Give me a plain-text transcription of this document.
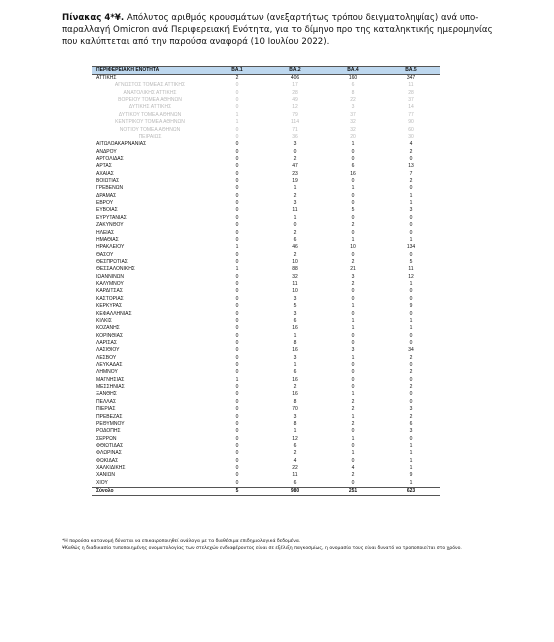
Πίνακας 4*¥. Απόλυτος αριθμός κρουσμάτων (ανεξαρτήτως τρόπου δειγματοληψίας) ανά υπο-παραλλαγή Omicron ανά Περιφερειακή Ενότητα, για το δίμηνο προ της καταληκτικής ημερομηνίας που καλύπτεται από την παρούσα αναφορά (10 Ιουλίου 2022).
ΠΕΡΙΦΕΡΕΙΑΚΗ ΕΝΟΤΗΤΑ	ΒΑ.1	ΒΑ.2	ΒΑ.4	ΒΑ.5
ΑΤΤΙΚΗΣ	2	406	160	347
ΑΓΝΩΣΤΟΣ ΤΟΜΕΑΣ ΑΤΤΙΚΗΣ	0	17	6	11
ΑΝΑΤΟΛΙΚΗΣ ΑΤΤΙΚΗΣ	0	28	8	28
ΒΟΡΕΙΟΥ ΤΟΜΕΑ ΑΘΗΝΩΝ	0	49	22	37
ΔΥΤΙΚΗΣ ΑΤΤΙΚΗΣ	0	12	3	14
ΔΥΤΙΚΟΥ ΤΟΜΕΑ ΑΘΗΝΩΝ	1	79	37	77
ΚΕΝΤΡΙΚΟΥ ΤΟΜΕΑ ΑΘΗΝΩΝ	1	114	32	90
ΝΟΤΙΟΥ ΤΟΜΕΑ ΑΘΗΝΩΝ	0	71	32	60
ΠΕΙΡΑΙΩΣ	0	36	20	30
ΑΙΤΩΛΟΑΚΑΡΝΑΝΙΑΣ	0	3	1	4
ΑΝΔΡΟΥ	0	0	0	2
ΑΡΓΟΛΙΔΑΣ	0	2	0	0
ΑΡΤΑΣ	0	47	6	13
ΑΧΑΪΑΣ	0	23	16	7
ΒΟΙΩΤΙΑΣ	0	19	0	2
ΓΡΕΒΕΝΩΝ	0	1	1	0
ΔΡΑΜΑΣ	0	2	0	1
ΕΒΡΟΥ	0	3	0	1
ΕΥΒΟΙΑΣ	0	11	5	3
ΕΥΡΥΤΑΝΙΑΣ	0	1	0	0
ΖΑΚΥΝΘΟΥ	0	0	2	0
ΗΛΕΙΑΣ	0	2	0	0
ΗΜΑΘΙΑΣ	0	6	1	1
ΗΡΑΚΛΕΙΟΥ	1	46	10	134
ΘΑΣΟΥ	0	2	0	0
ΘΕΣΠΡΩΤΙΑΣ	0	10	2	5
ΘΕΣΣΑΛΟΝΙΚΗΣ	1	88	21	11
ΙΩΑΝΝΙΝΩΝ	0	32	3	12
ΚΑΛΥΜΝΟΥ	0	11	2	1
ΚΑΡΔΙΤΣΑΣ	0	10	0	0
ΚΑΣΤΟΡΙΑΣ	0	3	0	0
ΚΕΡΚΥΡΑΣ	0	5	1	9
ΚΕΦΑΛΛΗΝΙΑΣ	0	3	0	0
ΚΙΛΚΙΣ	0	6	1	1
ΚΟΖΑΝΗΣ	0	16	1	1
ΚΟΡΙΝΘΙΑΣ	0	1	0	0
ΛΑΡΙΣΑΣ	0	8	0	0
ΛΑΣΙΘΙΟΥ	0	16	3	34
ΛΕΣΒΟΥ	0	3	1	2
ΛΕΥΚΑΔΑΣ	0	1	0	0
ΛΗΜΝΟΥ	0	6	0	2
ΜΑΓΝΗΣΙΑΣ	1	16	0	0
ΜΕΣΣΗΝΙΑΣ	0	2	0	2
ΞΑΝΘΗΣ	0	16	1	0
ΠΕΛΛΑΣ	0	8	2	0
ΠΙΕΡΙΑΣ	0	70	2	3
ΠΡΕΒΕΖΑΣ	0	3	1	2
ΡΕΘΥΜΝΟΥ	0	8	2	6
ΡΟΔΟΠΗΣ	0	1	0	3
ΣΕΡΡΩΝ	0	12	1	0
ΦΘΙΩΤΙΔΑΣ	0	6	0	1
ΦΛΩΡΙΝΑΣ	0	2	1	1
ΦΩΚΙΔΑΣ	0	4	0	1
ΧΑΛΚΙΔΙΚΗΣ	0	22	4	1
ΧΑΝΙΩΝ	0	11	2	9
ΧΙΟΥ	0	6	0	1
Σύνολο	5	980	251	623

*Η παρούσα κατανομή δύναται να επικαιροποιηθεί ανάλογα με τα διαθέσιμα επιδημιολογικά δεδομένα.

¥Καθώς η διαδικασία τυποποιημένης ονοματολογίας των στελεχών ενδιαφέροντος είναι σε εξέλιξη παγκοσμίως, η ονομασία τους είναι δυνατό να τροποποιείται στο χρόνο.
